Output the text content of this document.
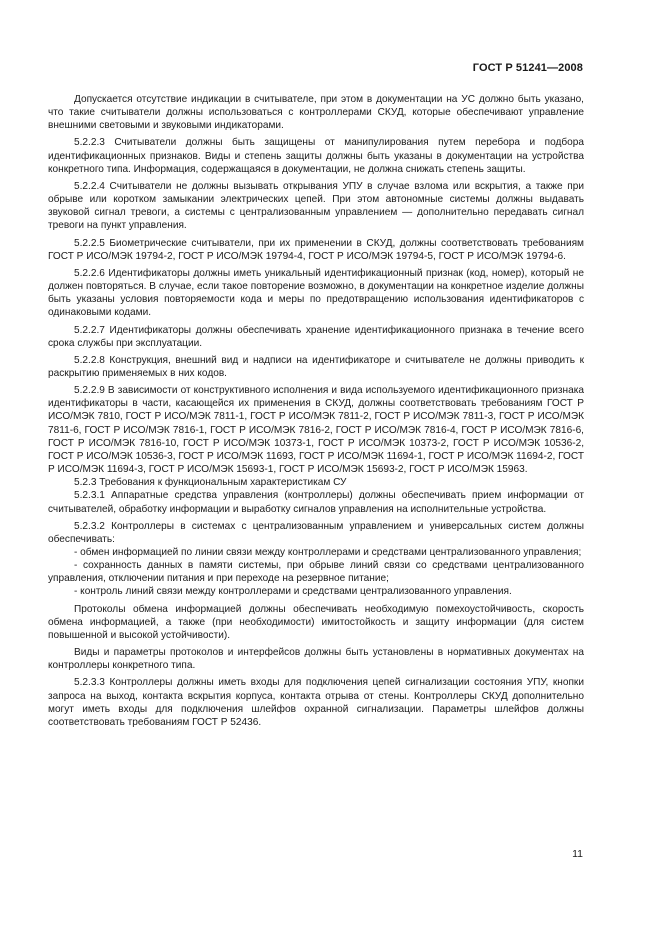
ГОСТ Р 51241—2008

Допускается отсутствие индикации в считывателе, при этом в документации на УС должно быть указано, что такие считыватели должны использоваться с контроллерами СКУД, которые обеспечивают управление внешними световыми и звуковыми индикаторами.

5.2.2.3 Считыватели должны быть защищены от манипулирования путем перебора и подбора идентификационных признаков. Виды и степень защиты должны быть указаны в документации на устройства конкретного типа. Информация, содержащаяся в документации, не должна снижать степень защиты.

5.2.2.4 Считыватели не должны вызывать открывания УПУ в случае взлома или вскрытия, а также при обрыве или коротком замыкании электрических цепей. При этом автономные системы должны выдавать звуковой сигнал тревоги, а системы с централизованным управлением — дополнительно передавать сигнал тревоги на пункт управления.

5.2.2.5 Биометрические считыватели, при их применении в СКУД, должны соответствовать требованиям ГОСТ Р ИСО/МЭК 19794-2, ГОСТ Р ИСО/МЭК 19794-4, ГОСТ Р ИСО/МЭК 19794-5, ГОСТ Р ИСО/МЭК 19794-6.

5.2.2.6 Идентификаторы должны иметь уникальный идентификационный признак (код, номер), который не должен повторяться. В случае, если такое повторение возможно, в документации на конкретное изделие должны быть указаны условия повторяемости кода и меры по предотвращению использования идентификаторов с одинаковыми кодами.

5.2.2.7 Идентификаторы должны обеспечивать хранение идентификационного признака в течение всего срока службы при эксплуатации.

5.2.2.8 Конструкция, внешний вид и надписи на идентификаторе и считывателе не должны приводить к раскрытию применяемых в них кодов.

5.2.2.9 В зависимости от конструктивного исполнения и вида используемого идентификационного признака идентификаторы в части, касающейся их применения в СКУД, должны соответствовать требованиям ГОСТ Р ИСО/МЭК 7810, ГОСТ Р ИСО/МЭК 7811-1, ГОСТ Р ИСО/МЭК 7811-2, ГОСТ Р ИСО/МЭК 7811-3, ГОСТ Р ИСО/МЭК 7811-6, ГОСТ Р ИСО/МЭК 7816-1, ГОСТ Р ИСО/МЭК 7816-2, ГОСТ Р ИСО/МЭК 7816-4, ГОСТ Р ИСО/МЭК 7816-6, ГОСТ Р ИСО/МЭК 7816-10, ГОСТ Р ИСО/МЭК 10373-1, ГОСТ Р ИСО/МЭК 10373-2, ГОСТ Р ИСО/МЭК 10536-2, ГОСТ Р ИСО/МЭК 10536-3, ГОСТ Р ИСО/МЭК 11693, ГОСТ Р ИСО/МЭК 11694-1, ГОСТ Р ИСО/МЭК 11694-2, ГОСТ Р ИСО/МЭК 11694-3, ГОСТ Р ИСО/МЭК 15693-1, ГОСТ Р ИСО/МЭК 15693-2, ГОСТ Р ИСО/МЭК 15963.

5.2.3 Требования к функциональным характеристикам СУ

5.2.3.1 Аппаратные средства управления (контроллеры) должны обеспечивать прием информации от считывателей, обработку информации и выработку сигналов управления на исполнительные устройства.

5.2.3.2 Контроллеры в системах с централизованным управлением и универсальных систем должны обеспечивать:

- обмен информацией по линии связи между контроллерами и средствами централизованного управления;

- сохранность данных в памяти системы, при обрыве линий связи со средствами централизованного управления, отключении питания и при переходе на резервное питание;

- контроль линий связи между контроллерами и средствами централизованного управления.

Протоколы обмена информацией должны обеспечивать необходимую помехоустойчивость, скорость обмена информацией, а также (при необходимости) имитостойкость и защиту информации (для систем повышенной и высокой устойчивости).

Виды и параметры протоколов и интерфейсов должны быть установлены в нормативных документах на контроллеры конкретного типа.

5.2.3.3 Контроллеры должны иметь входы для подключения цепей сигнализации состояния УПУ, кнопки запроса на выход, контакта вскрытия корпуса, контакта отрыва от стены. Контроллеры СКУД дополнительно могут иметь входы для подключения шлейфов охранной сигнализации. Параметры шлейфов должны соответствовать требованиям ГОСТ Р 52436.

11
